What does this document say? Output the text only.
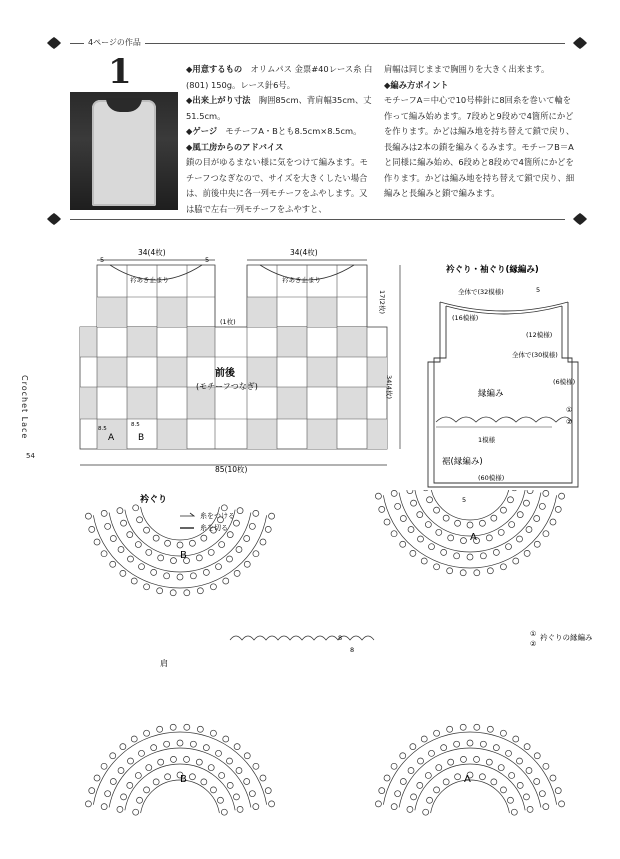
4ページの作品
1	◆用意するもの　オリムパス 金票#40レース糸 白(801) 150g。レース針6号。

◆出来上がり寸法　胸囲85cm、背肩幅35cm、丈51.5cm。

◆ゲージ　モチーフA・Bとも8.5cm×8.5cm。

◆風工房からのアドバイス

鎖の目がゆるまない様に気をつけて編みます。モチーフつなぎなので、サイズを大きくしたい場合は、前後中央に各一列モチーフをふやします。又は脇で左右一列モチーフをふやすと、

肩幅は同じままで胸囲りを大きく出来ます。

◆編み方ポイント

モチーフA＝中心で10号棒針に8回糸を巻いて輪を作って編み始めます。7段めと9段めで4箇所にかどを作ります。かどは編み地を持ち替えて鎖で戻り、長編みは2本の鎖を編みくるみます。モチーフB＝Aと同様に編み始め、6段めと8段めで4箇所にかどを作ります。かどは編み地を持ち替えて鎖で戻り、細編みと長編みと鎖で編みます。

Crochet Lace
54
34(4枚)	34(4枚)
5	5
衿あき止まり	衿あき止まり
(1枚)
17(2枚)
34(4枚)
85(10枚)
前後
(モチーフつなぎ)
A	B
8.5
8.5
衿ぐり・袖ぐり(縁編み)
全体で(32模様)
(16模様)
(12模様)
全体で(30模様)
(6模様)
縁編み
①
②
1模様
裾(縁編み)
(60模様)
5
5
衿ぐり
糸をつける
糸を切る
B
A
B	A
肩
衿ぐりの縁編み
①
②
8
8
